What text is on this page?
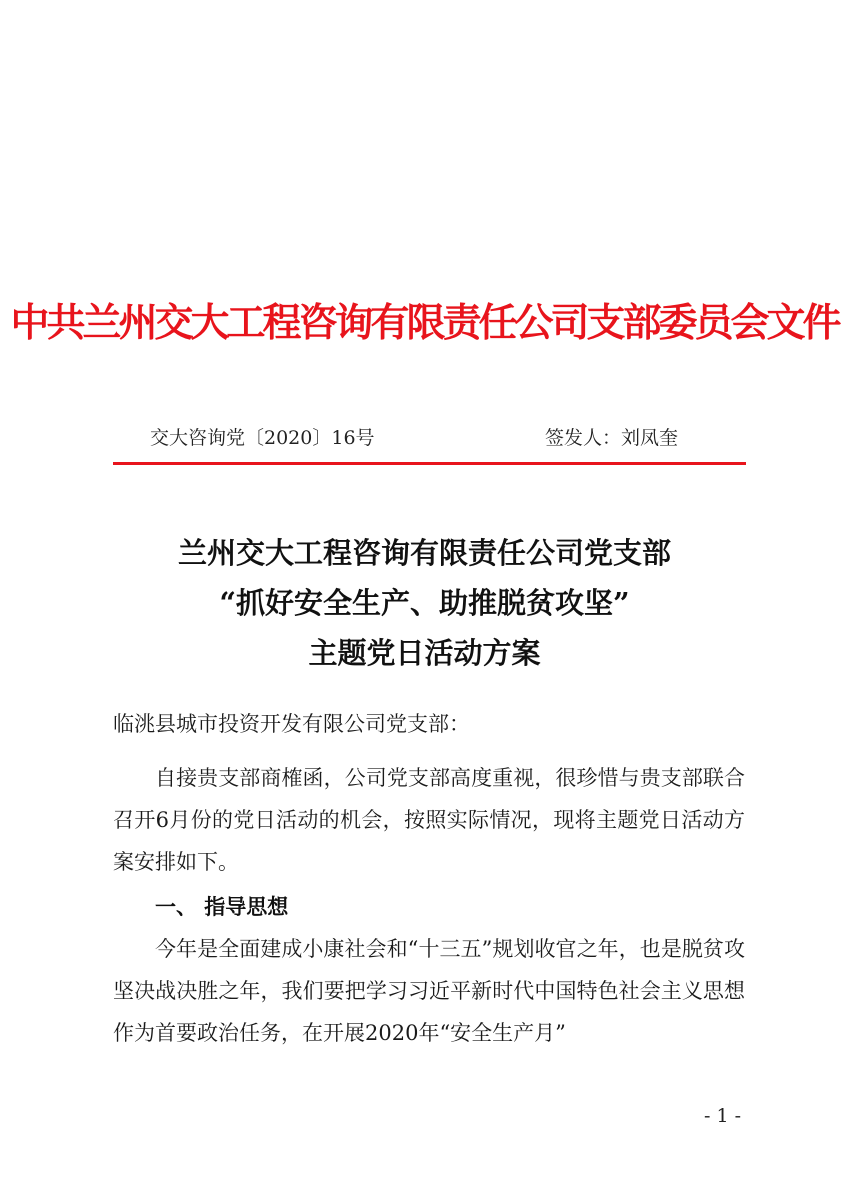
中共兰州交大工程咨询有限责任公司支部委员会文件
交大咨询党〔2020〕16号	签发人：刘凤奎
兰州交大工程咨询有限责任公司党支部
“抓好安全生产、助推脱贫攻坚”
主题党日活动方案
临洮县城市投资开发有限公司党支部：

自接贵支部商榷函，公司党支部高度重视，很珍惜与贵支部联合召开6月份的党日活动的机会，按照实际情况，现将主题党日活动方案安排如下。

一、 指导思想

今年是全面建成小康社会和“十三五”规划收官之年，也是脱贫攻坚决战决胜之年，我们要把学习习近平新时代中国特色社会主义思想作为首要政治任务，在开展2020年“安全生产月”

- 1 -
